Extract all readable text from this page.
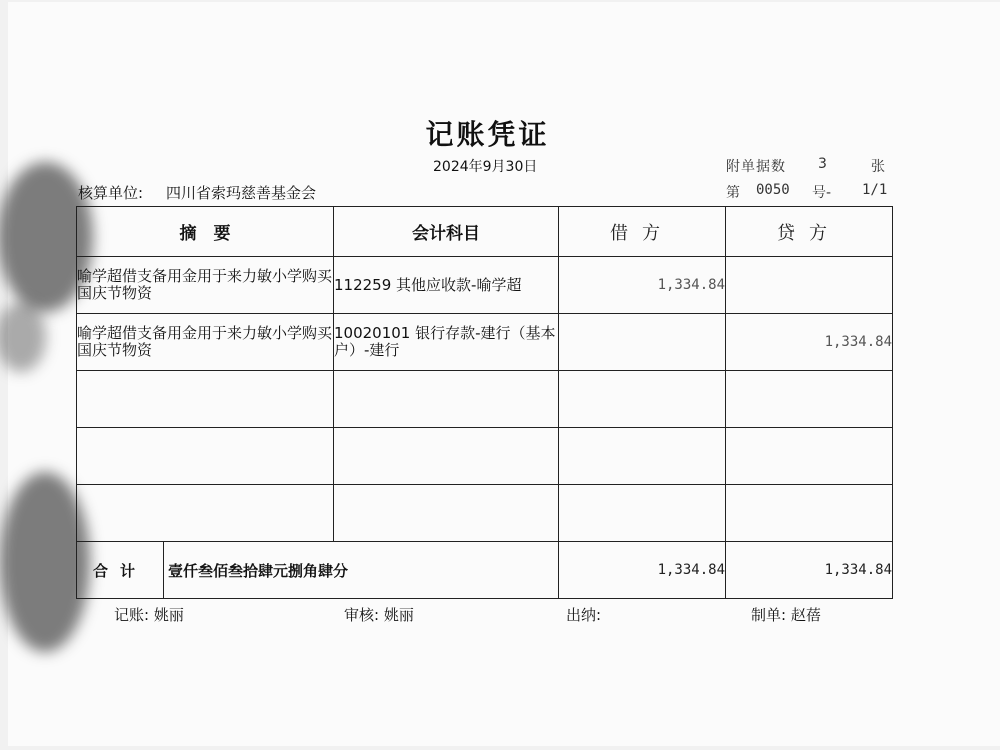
记账凭证
2024年9月30日
核算单位: 四川省索玛慈善基金会
附单据数 3	张
第 0050 号- 1/1
摘　要	会计科目	借方	贷方
喻学超借支备用金用于来力敏小学购买国庆节物资	112259 其他应收款-喻学超	1,334.84	
喻学超借支备用金用于来力敏小学购买国庆节物资	10020101 银行存款-建行（基本户）-建行		1,334.84

合计 壹仟叁佰叁拾肆元捌角肆分		1,334.84	1,334.84
记账: 姚丽	审核: 姚丽	出纳:	制单: 赵蓓
